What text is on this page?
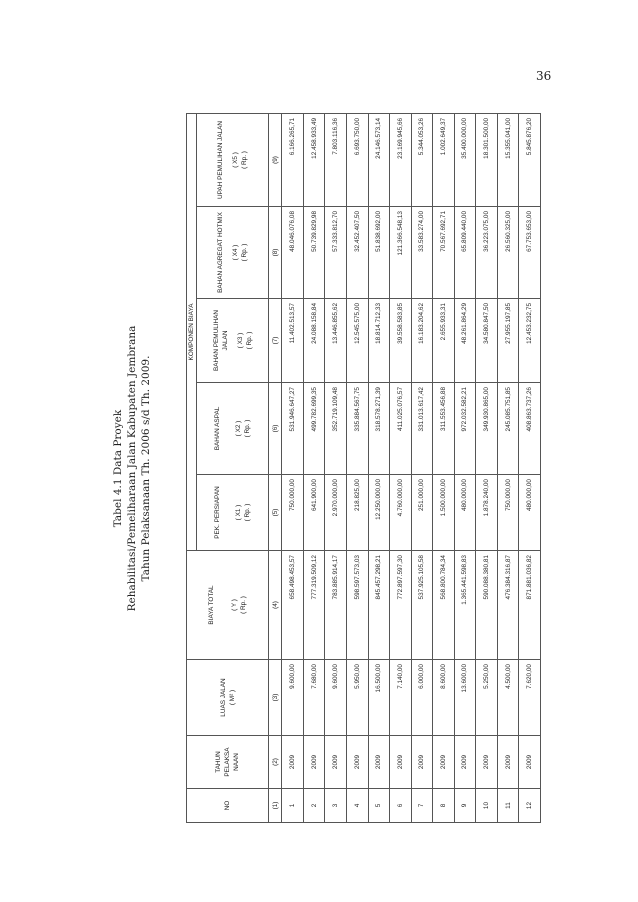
36
Tabel 4.1 Data Proyek Rehabilitasi/Pemeliharaan Jalan Kabupaten Jembrana Tahun Pelaksanaan Th. 2006 s/d Th. 2009.
NO	TAHUN PELAKSA NAAN	LUAS JALAN ( M² )	BIAYA TOTAL ( Y ) ( Rp. )	KOMPONEN BIAYA				

				PEK. PERSIAPAN ( X1 ) ( Rp. )	BAHAN ASPAL ( X2 ) ( Rp. )	BAHAN PEMULIHAN JALAN ( X3 ) ( Rp. )	BAHAN AGREGAT HOTMIX ( X4 ) ( Rp. )	UPAH PEMULIHAN JALAN ( X5 ) ( Rp. )

(1)	(2)	(3)	(4)	(5)	(6)	(7)	(8)	(9)
1	2009	9.600,00	658.498.453,57	750.000,00	531.946.647,27	11.402.513,57	48.046.076,08	6.166.265,71
2	2009	7.680,00	777.319.509,12	641.900,00	499.782.699,35	24.088.158,84	50.739.829,98	12.458.933,49
3	2009	9.600,00	783.885.914,17	2.970.000,00	352.719.109,48	13.446.855,62	57.333.812,70	7.803.116,36
4	2009	5.950,00	598.597.573,03	218.825,00	335.884.567,75	12.545.575,00	32.452.407,50	6.693.750,00
5	2009	16.500,00	845.457.298,21	12.250.000,00	318.578.271,39	18.814.712,33	51.838.692,00	24.146.573,14
6	2009	7.140,00	772.897.597,30	4.760.000,00	411.025.076,57	39.558.583,85	121.366.548,13	23.169.945,66
7	2009	6.000,00	537.925.105,58	251.000,00	331.013.617,42	16.183.204,62	33.583.274,00	5.344.053,26
8	2009	8.600,00	568.800.784,34	1.500.000,00	311.553.456,88	2.655.933,31	70.567.692,71	1.002.649,37
9	2009	13.600,00	1.365.441.598,83	480.000,00	972.032.582,21	48.261.864,29	65.809.440,00	35.400.000,00
10	2009	5.250,00	590.088.380,81	1.878.240,00	349.930.865,00	34.580.847,50	36.223.075,00	18.301.500,00
11	2009	4.500,00	476.384.316,87	750.000,00	245.085.751,85	27.955.197,85	26.560.325,00	15.355.041,00
12	2009	7.620,00	871.881.036,82	480.000,00	408.863.737,26	12.453.232,75	67.753.653,00	5.845.876,20
